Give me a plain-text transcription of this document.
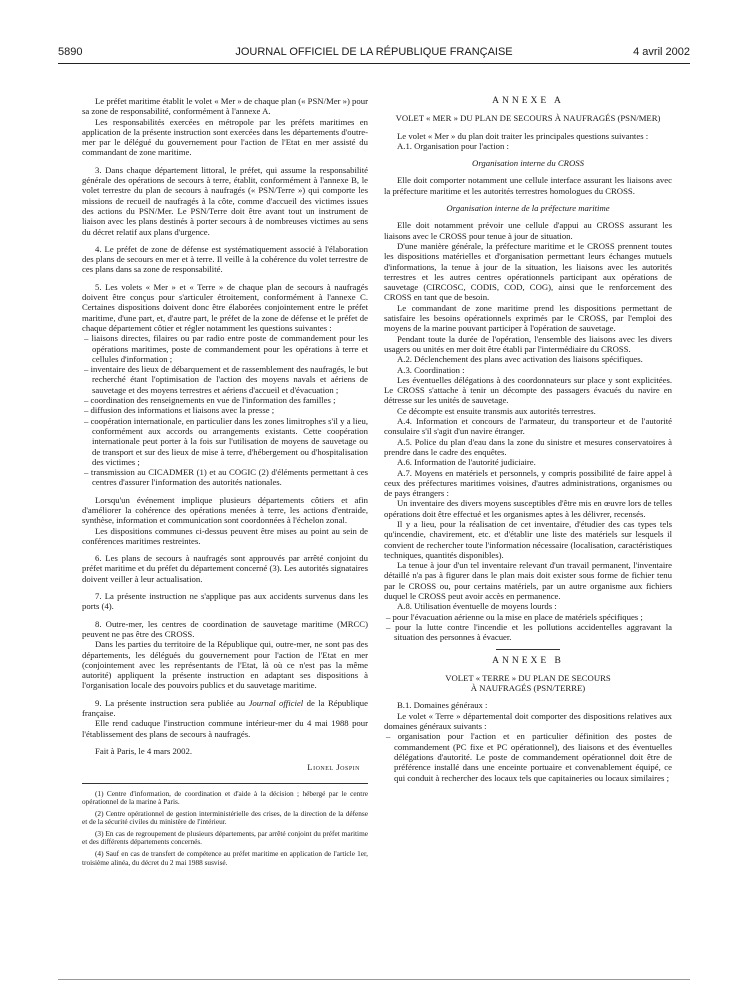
5890	JOURNAL OFFICIEL DE LA RÉPUBLIQUE FRANÇAISE	4 avril 2002

Le préfet maritime établit le volet « Mer » de chaque plan (« PSN/Mer ») pour sa zone de responsabilité, conformément à l'annexe A.

Les responsabilités exercées en métropole par les préfets maritimes en application de la présente instruction sont exercées dans les départements d'outre-mer par le délégué du gouvernement pour l'action de l'Etat en mer assisté du commandant de zone maritime.

3. Dans chaque département littoral, le préfet, qui assume la responsabilité générale des opérations de secours à terre, établit, conformément à l'annexe B, le volet terrestre du plan de secours à naufragés (« PSN/Terre ») qui comporte les missions de recueil de naufragés à la côte, comme d'accueil des victimes issues des actions du PSN/Mer. Le PSN/Terre doit être avant tout un instrument de liaison avec les plans destinés à porter secours à de nombreuses victimes au sens du décret relatif aux plans d'urgence.

4. Le préfet de zone de défense est systématiquement associé à l'élaboration des plans de secours en mer et à terre. Il veille à la cohérence du volet terrestre de ces plans dans sa zone de responsabilité.

5. Les volets « Mer » et « Terre » de chaque plan de secours à naufragés doivent être conçus pour s'articuler étroitement, conformément à l'annexe C. Certaines dispositions doivent donc être élaborées conjointement entre le préfet maritime, d'une part, et, d'autre part, le préfet de la zone de défense et le préfet de chaque département côtier et régler notamment les questions suivantes :

– liaisons directes, filaires ou par radio entre poste de commandement pour les opérations maritimes, poste de commandement pour les opérations à terre et cellules d'information ;
– inventaire des lieux de débarquement et de rassemblement des naufragés, le but recherché étant l'optimisation de l'action des moyens navals et aériens de sauvetage et des moyens terrestres et aériens d'accueil et d'évacuation ;
– coordination des renseignements en vue de l'information des familles ;
– diffusion des informations et liaisons avec la presse ;
– coopération internationale, en particulier dans les zones limitrophes s'il y a lieu, conformément aux accords ou arrangements existants. Cette coopération internationale peut porter à la fois sur l'utilisation de moyens de sauvetage ou de transport et sur des lieux de mise à terre, d'hébergement ou d'hospitalisation des victimes ;
– transmission au CICADMER (1) et au COGIC (2) d'éléments permettant à ces centres d'assurer l'information des autorités nationales.

Lorsqu'un événement implique plusieurs départements côtiers et afin d'améliorer la cohérence des opérations menées à terre, les actions d'entraide, synthèse, information et communication sont coordonnées à l'échelon zonal.

Les dispositions communes ci-dessus peuvent être mises au point au sein de conférences maritimes restreintes.

6. Les plans de secours à naufragés sont approuvés par arrêté conjoint du préfet maritime et du préfet du département concerné (3). Les autorités signataires doivent veiller à leur actualisation.

7. La présente instruction ne s'applique pas aux accidents survenus dans les ports (4).

8. Outre-mer, les centres de coordination de sauvetage maritime (MRCC) peuvent ne pas être des CROSS.

Dans les parties du territoire de la République qui, outre-mer, ne sont pas des départements, les délégués du gouvernement pour l'action de l'Etat en mer (conjointement avec les représentants de l'Etat, là où ce n'est pas la même autorité) appliquent la présente instruction en adaptant ses dispositions à l'organisation locale des pouvoirs publics et du sauvetage maritime.

9. La présente instruction sera publiée au Journal officiel de la République française.

Elle rend caduque l'instruction commune intérieur-mer du 4 mai 1988 pour l'établissement des plans de secours à naufragés.

Fait à Paris, le 4 mars 2002.

Lionel Jospin

(1) Centre d'information, de coordination et d'aide à la décision ; hébergé par le centre opérationnel de la marine à Paris.

(2) Centre opérationnel de gestion interministérielle des crises, de la direction de la défense et de la sécurité civiles du ministère de l'intérieur.

(3) En cas de regroupement de plusieurs départements, par arrêté conjoint du préfet maritime et des différents départements concernés.

(4) Sauf en cas de transfert de compétence au préfet maritime en application de l'article 1er, troisième alinéa, du décret du 2 mai 1988 susvisé.

ANNEXE A

VOLET « MER » DU PLAN DE SECOURS À NAUFRAGÉS (PSN/MER)

Le volet « Mer » du plan doit traiter les principales questions suivantes :

A.1. Organisation pour l'action :

Organisation interne du CROSS

Elle doit comporter notamment une cellule interface assurant les liaisons avec la préfecture maritime et les autorités terrestres homologues du CROSS.

Organisation interne de la préfecture maritime

Elle doit notamment prévoir une cellule d'appui au CROSS assurant les liaisons avec le CROSS pour tenue à jour de situation.

D'une manière générale, la préfecture maritime et le CROSS prennent toutes les dispositions matérielles et d'organisation permettant leurs échanges mutuels d'informations, la tenue à jour de la situation, les liaisons avec les autorités terrestres et les autres centres opérationnels participant aux opérations de sauvetage (CIRCOSC, CODIS, COD, COG), ainsi que le renforcement des CROSS en tant que de besoin.

Le commandant de zone maritime prend les dispositions permettant de satisfaire les besoins opérationnels exprimés par le CROSS, par l'emploi des moyens de la marine pouvant participer à l'opération de sauvetage.

Pendant toute la durée de l'opération, l'ensemble des liaisons avec les divers usagers ou unités en mer doit être établi par l'intermédiaire du CROSS.

A.2. Déclenchement des plans avec activation des liaisons spécifiques.

A.3. Coordination :

Les éventuelles délégations à des coordonnateurs sur place y sont explicitées. Le CROSS s'attache à tenir un décompte des passagers évacués du navire en détresse sur les unités de sauvetage.

Ce décompte est ensuite transmis aux autorités terrestres.

A.4. Information et concours de l'armateur, du transporteur et de l'autorité consulaire s'il s'agit d'un navire étranger.

A.5. Police du plan d'eau dans la zone du sinistre et mesures conservatoires à prendre dans le cadre des enquêtes.

A.6. Information de l'autorité judiciaire.

A.7. Moyens en matériels et personnels, y compris possibilité de faire appel à ceux des préfectures maritimes voisines, d'autres administrations, organismes ou de pays étrangers :

Un inventaire des divers moyens susceptibles d'être mis en œuvre lors de telles opérations doit être effectué et les organismes aptes à les délivrer, recensés.

Il y a lieu, pour la réalisation de cet inventaire, d'étudier des cas types tels qu'incendie, chavirement, etc. et d'établir une liste des matériels sur lesquels il convient de rechercher toute l'information nécessaire (localisation, caractéristiques techniques, quantités disponibles).

La tenue à jour d'un tel inventaire relevant d'un travail permanent, l'inventaire détaillé n'a pas à figurer dans le plan mais doit exister sous forme de fichier tenu par le CROSS ou, pour certains matériels, par un autre organisme aux fichiers duquel le CROSS peut avoir accès en permanence.

A.8. Utilisation éventuelle de moyens lourds :

– pour l'évacuation aérienne ou la mise en place de matériels spécifiques ;
– pour la lutte contre l'incendie et les pollutions accidentelles aggravant la situation des personnes à évacuer.

ANNEXE B

VOLET « TERRE » DU PLAN DE SECOURS

À NAUFRAGÉS (PSN/TERRE)

B.1. Domaines généraux :

Le volet « Terre » départemental doit comporter des dispositions relatives aux domaines généraux suivants :

– organisation pour l'action et en particulier définition des postes de commandement (PC fixe et PC opérationnel), des liaisons et des éventuelles délégations d'autorité. Le poste de commandement opérationnel doit être de préférence installé dans une enceinte portuaire et convenablement équipé, ce qui conduit à rechercher des locaux tels que capitaineries ou locaux similaires ;
